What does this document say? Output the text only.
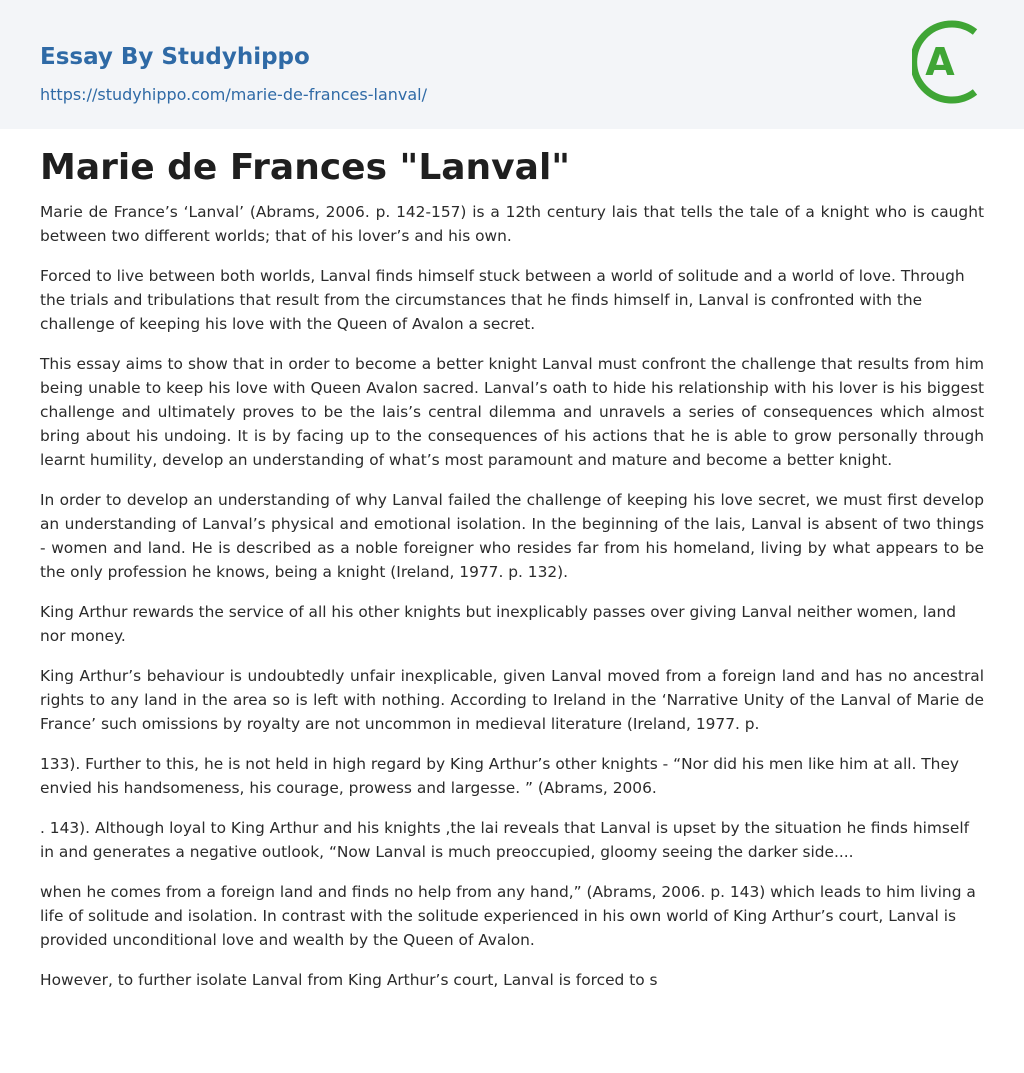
Essay By Studyhippo
https://studyhippo.com/marie-de-frances-lanval/
A
Marie de Frances "Lanval"

Marie de France’s ‘Lanval’ (Abrams, 2006. p. 142-157) is a 12th century lais that tells the tale of a knight who is caught between two different worlds; that of his lover’s and his own.

Forced to live between both worlds, Lanval finds himself stuck between a world of solitude and a world of love. Through the trials and tribulations that result from the circumstances that he finds himself in, Lanval is confronted with the challenge of keeping his love with the Queen of Avalon a secret.

This essay aims to show that in order to become a better knight Lanval must confront the challenge that results from him being unable to keep his love with Queen Avalon sacred. Lanval’s oath to hide his relationship with his lover is his biggest challenge and ultimately proves to be the lais’s central dilemma and unravels a series of consequences which almost bring about his undoing. It is by facing up to the consequences of his actions that he is able to grow personally through learnt humility, develop an understanding of what’s most paramount and mature and become a better knight.

In order to develop an understanding of why Lanval failed the challenge of keeping his love secret, we must first develop an understanding of Lanval’s physical and emotional isolation. In the beginning of the lais, Lanval is absent of two things - women and land. He is described as a noble foreigner who resides far from his homeland, living by what appears to be the only profession he knows, being a knight (Ireland, 1977. p. 132).

King Arthur rewards the service of all his other knights but inexplicably passes over giving Lanval neither women, land nor money.

King Arthur’s behaviour is undoubtedly unfair inexplicable, given Lanval moved from a foreign land and has no ancestral rights to any land in the area so is left with nothing. According to Ireland in the ‘Narrative Unity of the Lanval of Marie de France’ such omissions by royalty are not uncommon in medieval literature (Ireland, 1977. p.

133). Further to this, he is not held in high regard by King Arthur’s other knights - “Nor did his men like him at all. They envied his handsomeness, his courage, prowess and largesse. ” (Abrams, 2006.

. 143). Although loyal to King Arthur and his knights ,the lai reveals that Lanval is upset by the situation he finds himself in and generates a negative outlook, “Now Lanval is much preoccupied, gloomy seeing the darker side....

when he comes from a foreign land and finds no help from any hand,” (Abrams, 2006. p. 143) which leads to him living a life of solitude and isolation. In contrast with the solitude experienced in his own world of King Arthur’s court, Lanval is provided unconditional love and wealth by the Queen of Avalon.

However, to further isolate Lanval from King Arthur’s court, Lanval is forced to s
